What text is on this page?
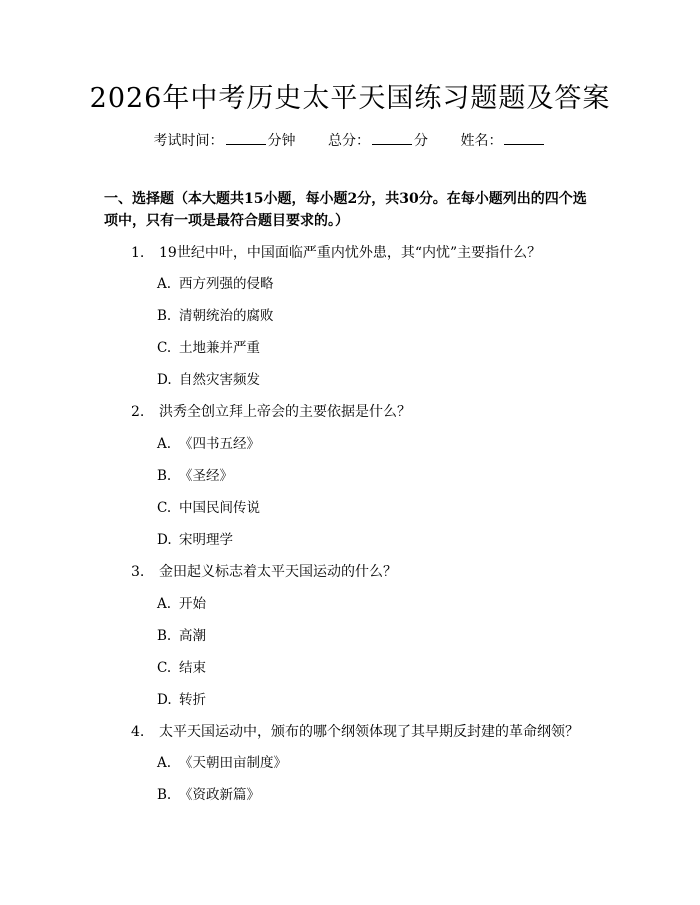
2026年中考历史太平天国练习题题及答案
考试时间：	分钟 总分：	分 姓名：
一、选择题（本大题共15小题，每小题2分，共30分。在每小题列出的四个选项中，只有一项是最符合题目要求的。）
1. 19世纪中叶，中国面临严重内忧外患，其“内忧”主要指什么？
A. 西方列强的侵略
B. 清朝统治的腐败
C. 土地兼并严重
D. 自然灾害频发
2. 洪秀全创立拜上帝会的主要依据是什么？
A. 《四书五经》
B. 《圣经》
C. 中国民间传说
D. 宋明理学
3. 金田起义标志着太平天国运动的什么？
A. 开始
B. 高潮
C. 结束
D. 转折
4. 太平天国运动中，颁布的哪个纲领体现了其早期反封建的革命纲领？
A. 《天朝田亩制度》
B. 《资政新篇》
